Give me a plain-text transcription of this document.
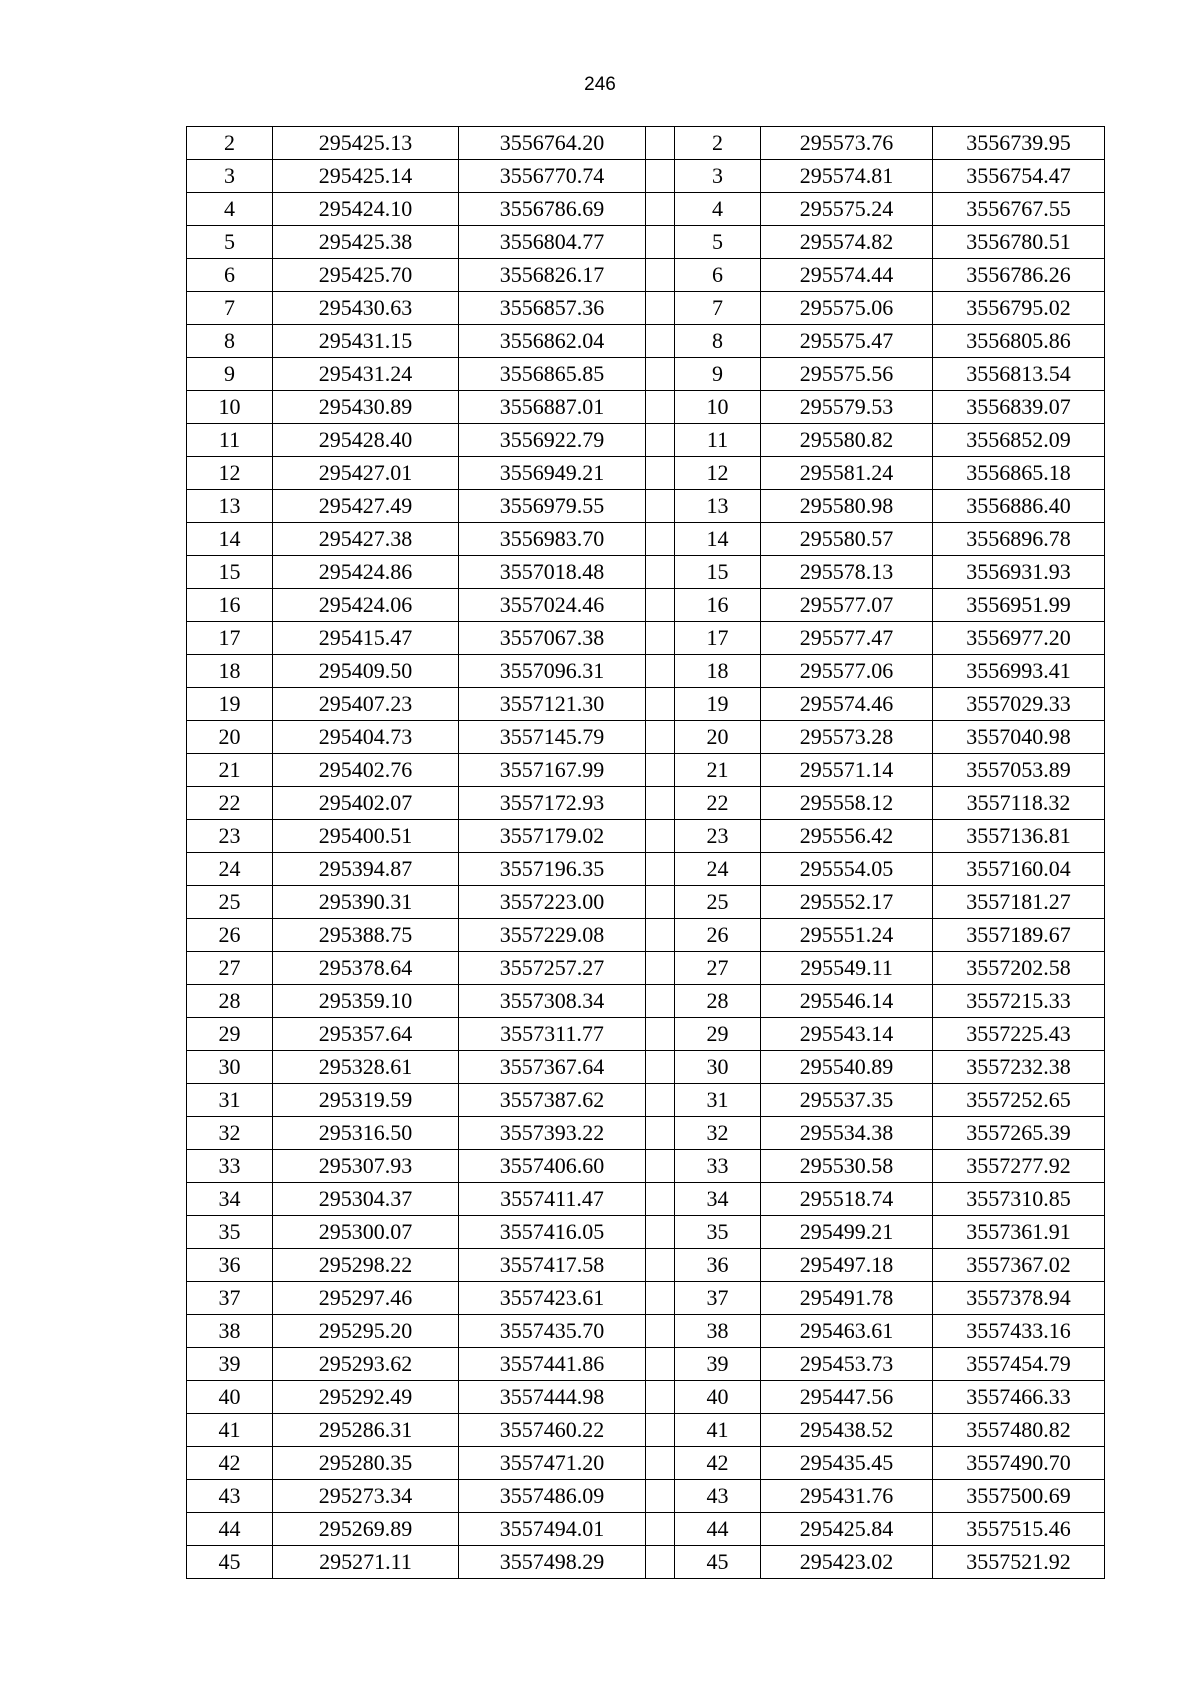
246
2	295425.13	3556764.20		2	295573.76	3556739.95
3	295425.14	3556770.74		3	295574.81	3556754.47
4	295424.10	3556786.69		4	295575.24	3556767.55
5	295425.38	3556804.77		5	295574.82	3556780.51
6	295425.70	3556826.17		6	295574.44	3556786.26
7	295430.63	3556857.36		7	295575.06	3556795.02
8	295431.15	3556862.04		8	295575.47	3556805.86
9	295431.24	3556865.85		9	295575.56	3556813.54
10	295430.89	3556887.01		10	295579.53	3556839.07
11	295428.40	3556922.79		11	295580.82	3556852.09
12	295427.01	3556949.21		12	295581.24	3556865.18
13	295427.49	3556979.55		13	295580.98	3556886.40
14	295427.38	3556983.70		14	295580.57	3556896.78
15	295424.86	3557018.48		15	295578.13	3556931.93
16	295424.06	3557024.46		16	295577.07	3556951.99
17	295415.47	3557067.38		17	295577.47	3556977.20
18	295409.50	3557096.31		18	295577.06	3556993.41
19	295407.23	3557121.30		19	295574.46	3557029.33
20	295404.73	3557145.79		20	295573.28	3557040.98
21	295402.76	3557167.99		21	295571.14	3557053.89
22	295402.07	3557172.93		22	295558.12	3557118.32
23	295400.51	3557179.02		23	295556.42	3557136.81
24	295394.87	3557196.35		24	295554.05	3557160.04
25	295390.31	3557223.00		25	295552.17	3557181.27
26	295388.75	3557229.08		26	295551.24	3557189.67
27	295378.64	3557257.27		27	295549.11	3557202.58
28	295359.10	3557308.34		28	295546.14	3557215.33
29	295357.64	3557311.77		29	295543.14	3557225.43
30	295328.61	3557367.64		30	295540.89	3557232.38
31	295319.59	3557387.62		31	295537.35	3557252.65
32	295316.50	3557393.22		32	295534.38	3557265.39
33	295307.93	3557406.60		33	295530.58	3557277.92
34	295304.37	3557411.47		34	295518.74	3557310.85
35	295300.07	3557416.05		35	295499.21	3557361.91
36	295298.22	3557417.58		36	295497.18	3557367.02
37	295297.46	3557423.61		37	295491.78	3557378.94
38	295295.20	3557435.70		38	295463.61	3557433.16
39	295293.62	3557441.86		39	295453.73	3557454.79
40	295292.49	3557444.98		40	295447.56	3557466.33
41	295286.31	3557460.22		41	295438.52	3557480.82
42	295280.35	3557471.20		42	295435.45	3557490.70
43	295273.34	3557486.09		43	295431.76	3557500.69
44	295269.89	3557494.01		44	295425.84	3557515.46
45	295271.11	3557498.29		45	295423.02	3557521.92
